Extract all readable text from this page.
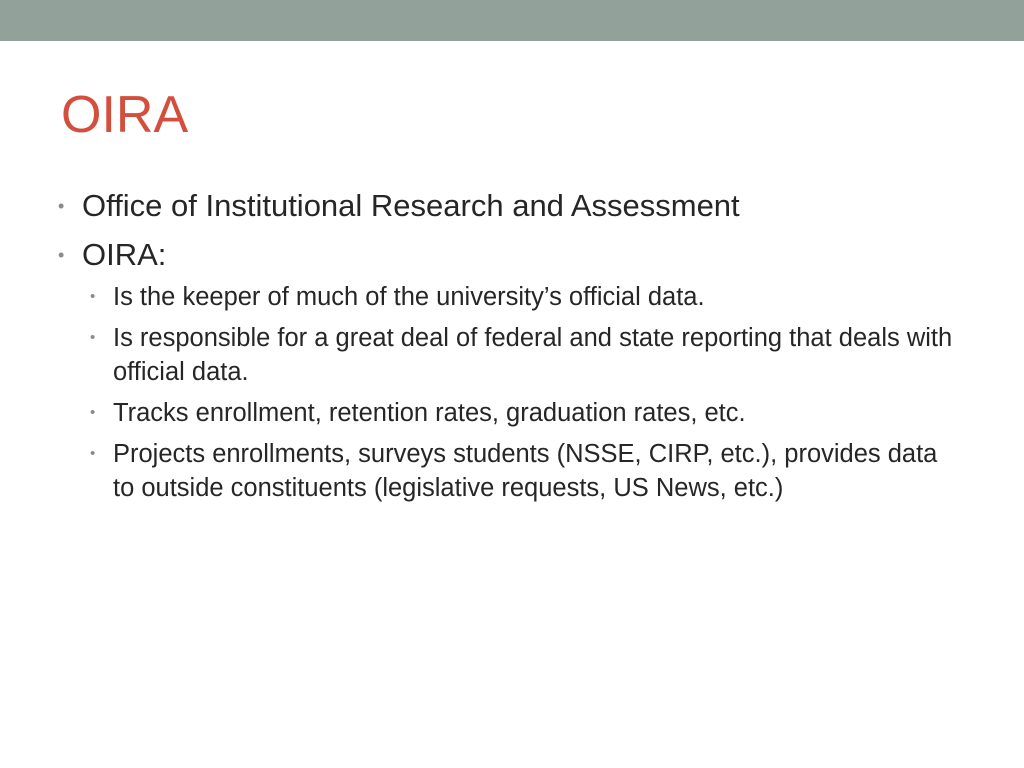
OIRA
• Office of Institutional Research and Assessment
• OIRA:
• Is the keeper of much of the university’s official data.
• Is responsible for a great deal of federal and state reporting that deals with official data.
• Tracks enrollment, retention rates, graduation rates, etc.
• Projects enrollments, surveys students (NSSE, CIRP, etc.), provides data to outside constituents (legislative requests, US News, etc.)
